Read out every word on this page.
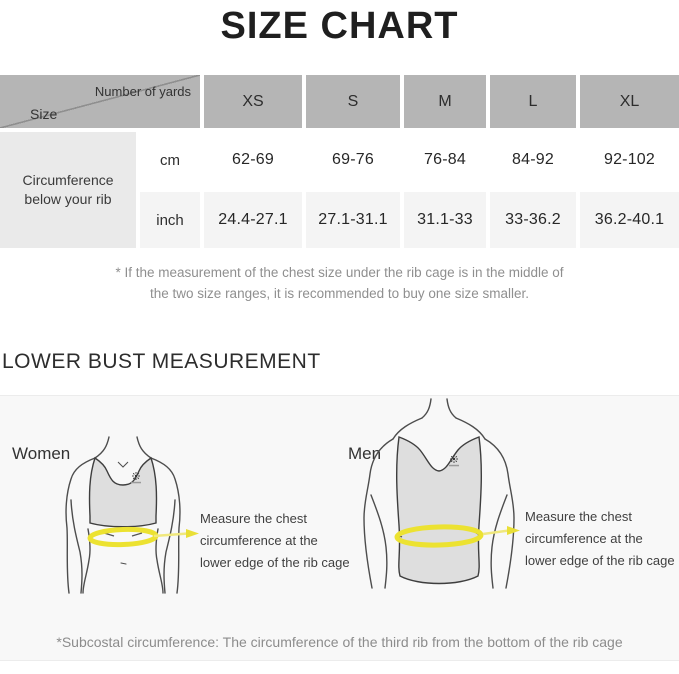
SIZE CHART
Number of yards
Size
XS	S	M	L	XL
Circumference below your rib
cm	62-69	69-76	76-84	84-92	92-102
inch	24.4-27.1	27.1-31.1	31.1-33	33-36.2	36.2-40.1
* If the measurement of the chest size under the rib cage is in the middle of
the two size ranges, it is recommended to buy one size smaller.
LOWER BUST MEASUREMENT
Women	Men
Measure the chest
circumference at the
lower edge of the rib cage
Measure the chest
circumference at the
lower edge of the rib cage
*Subcostal circumference: The circumference of the third rib from the bottom of the rib cage
